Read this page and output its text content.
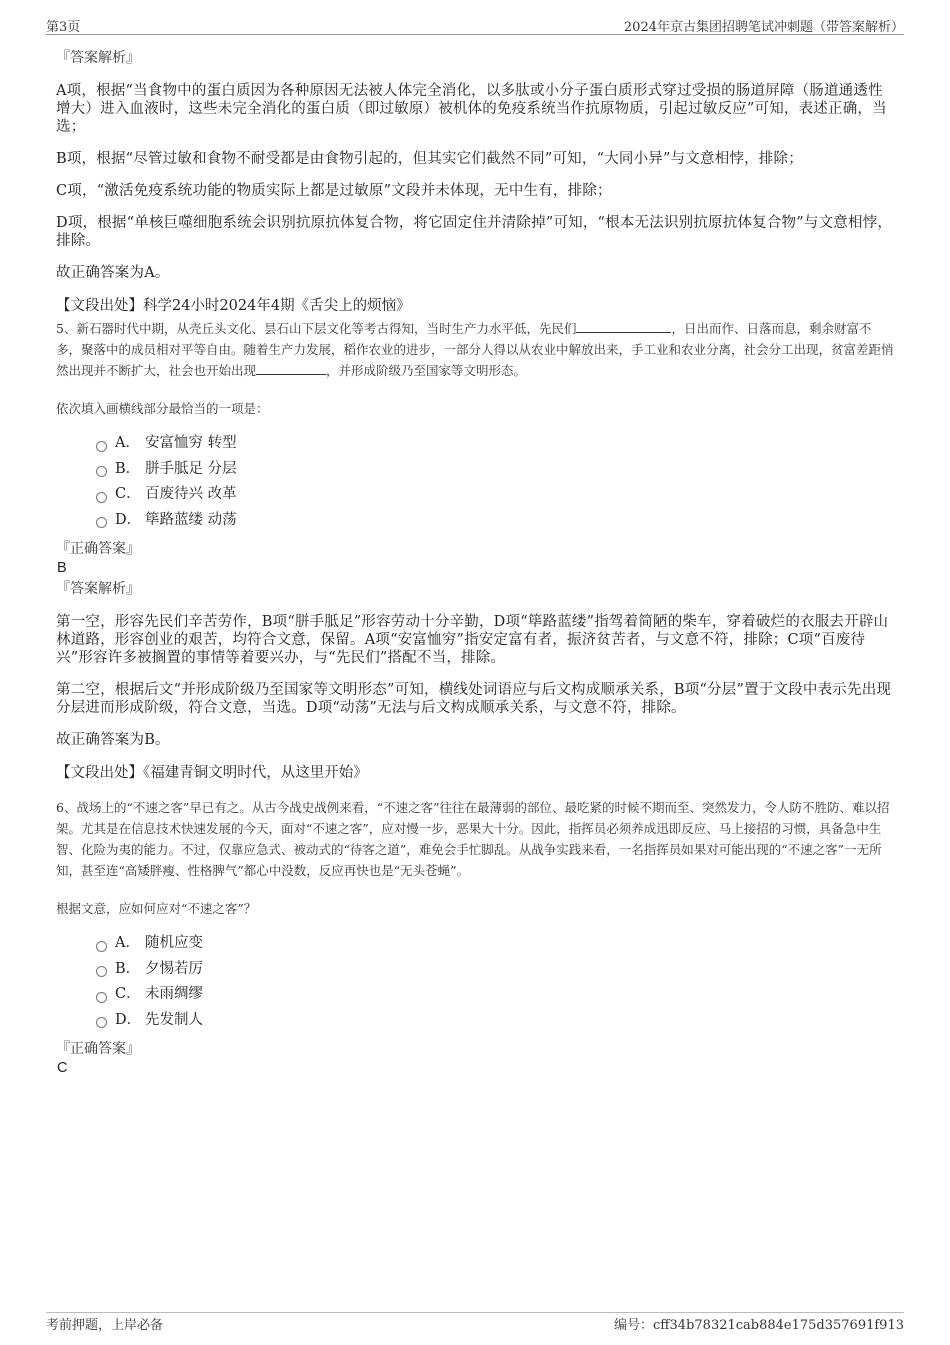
第3页	2024年京古集团招聘笔试冲刺题（带答案解析）
『答案解析』

A项，根据“当食物中的蛋白质因为各种原因无法被人体完全消化，以多肽或小分子蛋白质形式穿过受损的肠道屏障（肠道通透性增大）进入血液时，这些未完全消化的蛋白质（即过敏原）被机体的免疫系统当作抗原物质，引起过敏反应”可知，表述正确，当选；

B项，根据“尽管过敏和食物不耐受都是由食物引起的，但其实它们截然不同”可知，“大同小异”与文意相悖，排除；

C项，“激活免疫系统功能的物质实际上都是过敏原”文段并未体现，无中生有，排除；

D项，根据“单核巨噬细胞系统会识别抗原抗体复合物，将它固定住并清除掉”可知，“根本无法识别抗原抗体复合物”与文意相悖，排除。

故正确答案为A。

【文段出处】科学24小时2024年4期《舌尖上的烦恼》

5、新石器时代中期，从壳丘头文化、昙石山下层文化等考古得知，当时生产力水平低，先民们	，日出而作、日落而息，剩余财富不多，聚落中的成员相对平等自由。随着生产力发展，稻作农业的进步，一部分人得以从农业中解放出来，手工业和农业分离，社会分工出现，贫富差距悄然出现并不断扩大，社会也开始出现	，并形成阶级乃至国家等文明形态。

依次填入画横线部分最恰当的一项是：

A． 安富恤穷 转型
B． 胼手胝足 分层
C． 百废待兴 改革
D． 筚路蓝缕 动荡
『正确答案』
B
『答案解析』

第一空，形容先民们辛苦劳作，B项“胼手胝足”形容劳动十分辛勤，D项“筚路蓝缕”指驾着简陋的柴车，穿着破烂的衣服去开辟山林道路，形容创业的艰苦，均符合文意，保留。A项“安富恤穷”指安定富有者，振济贫苦者，与文意不符，排除；C项“百废待兴”形容许多被搁置的事情等着要兴办，与“先民们”搭配不当，排除。

第二空，根据后文“并形成阶级乃至国家等文明形态”可知，横线处词语应与后文构成顺承关系，B项“分层”置于文段中表示先出现分层进而形成阶级，符合文意，当选。D项“动荡”无法与后文构成顺承关系，与文意不符，排除。

故正确答案为B。

【文段出处】《福建青铜文明时代，从这里开始》

6、战场上的“不速之客”早已有之。从古今战史战例来看，“不速之客”往往在最薄弱的部位、最吃紧的时候不期而至、突然发力，令人防不胜防、难以招架。尤其是在信息技术快速发展的今天，面对“不速之客”，应对慢一步，恶果大十分。因此，指挥员必须养成迅即反应、马上接招的习惯，具备急中生智、化险为夷的能力。不过，仅靠应急式、被动式的“待客之道”，难免会手忙脚乱。从战争实践来看，一名指挥员如果对可能出现的“不速之客”一无所知，甚至连“高矮胖瘦、性格脾气”都心中没数，反应再快也是“无头苍蝇”。

根据文意，应如何应对“不速之客”？

A． 随机应变
B． 夕惕若厉
C． 未雨绸缪
D． 先发制人
『正确答案』
C
考前押题，上岸必备	编号：cff34b78321cab884e175d357691f913
